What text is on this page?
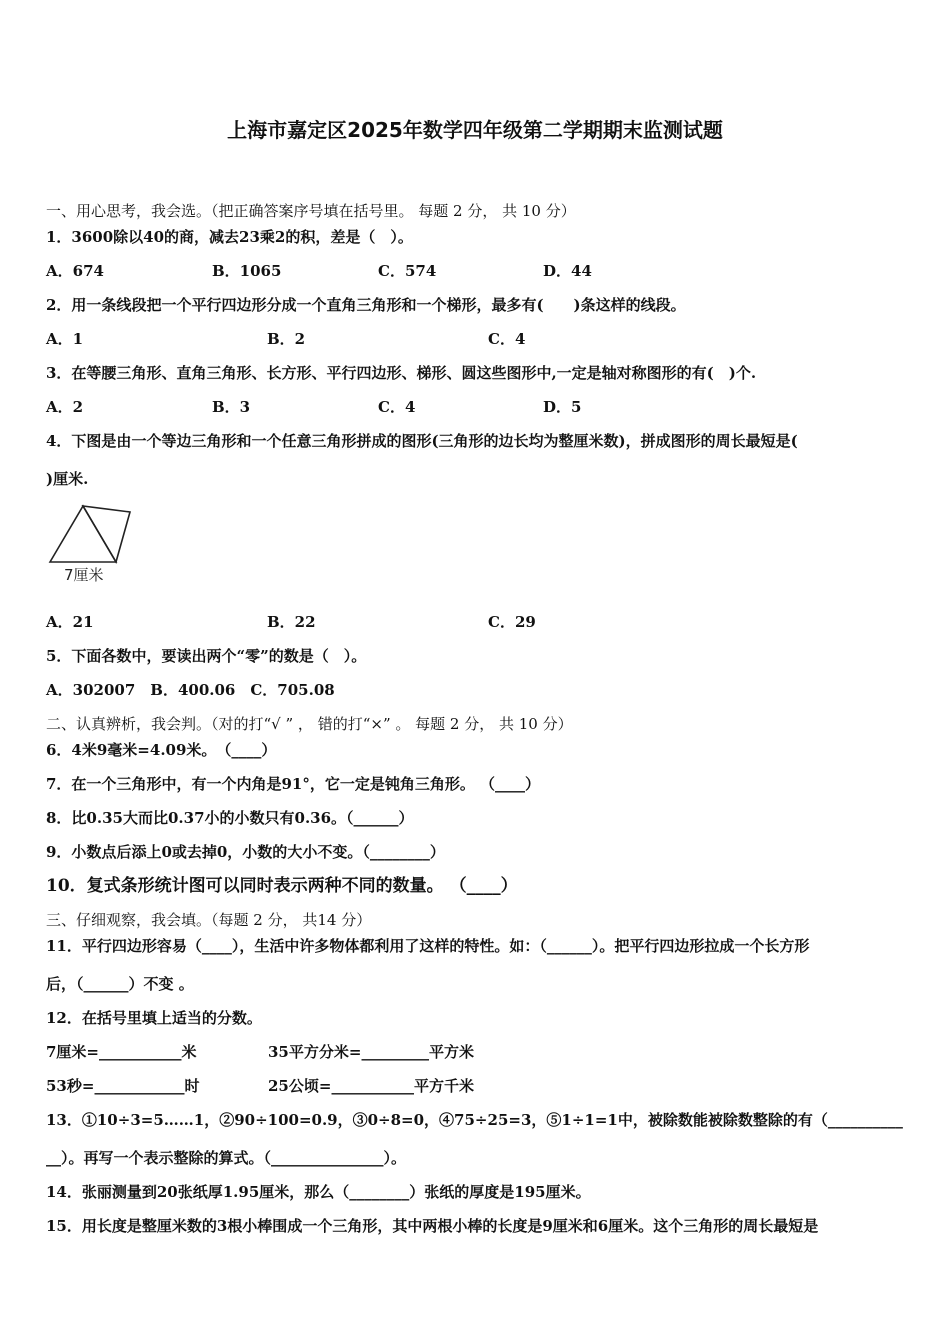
上海市嘉定区2025年数学四年级第二学期期末监测试题
一、用心思考，我会选。（把正确答案序号填在括号里。 每题 2 分， 共 10 分）
1．3600除以40的商，减去23乘2的积，差是（　）。
A．674	B．1065	C．574	D．44
2．用一条线段把一个平行四边形分成一个直角三角形和一个梯形，最多有(　　)条这样的线段。
A．1	B．2	C．4
3．在等腰三角形、直角三角形、长方形、平行四边形、梯形、圆这些图形中,一定是轴对称图形的有(　)个.
A．2	B．3	C．4	D．5
4．下图是由一个等边三角形和一个任意三角形拼成的图形(三角形的边长均为整厘米数)，拼成图形的周长最短是(
)厘米.
7厘米
A．21	B．22	C．29
5．下面各数中，要读出两个“零”的数是（　）。
A．302007　B．400.06　C．705.08
二、认真辨析，我会判。（对的打“√ ” ， 错的打“×” 。 每题 2 分， 共 10 分）
6．4米9毫米=4.09米。　（____）
7．在一个三角形中，有一个内角是91°，它一定是钝角三角形。 （____）
8．比0.35大而比0.37小的小数只有0.36。（______）
9．小数点后添上0或去掉0，小数的大小不变。（________）
10．复式条形统计图可以同时表示两种不同的数量。 （____）
三、仔细观察，我会填。（每题 2 分， 共14 分）
11．平行四边形容易（____），生活中许多物体都利用了这样的特性。如：（______）。把平行四边形拉成一个长方形
后，（______）不变 。
12．在括号里填上适当的分数。
7厘米=___________米	35平方分米=_________平方米
53秒=____________时	25公顷=___________平方千米
13．①10÷3=5……1，②90÷100=0.9，③0÷8=0，④75÷25=3，⑤1÷1=1中，被除数能被除数整除的有（__________
__）。再写一个表示整除的算式。（_______________）。
14．张丽测量到20张纸厚1.95厘米，那么（________）张纸的厚度是195厘米。
15．用长度是整厘米数的3根小棒围成一个三角形，其中两根小棒的长度是9厘米和6厘米。这个三角形的周长最短是
